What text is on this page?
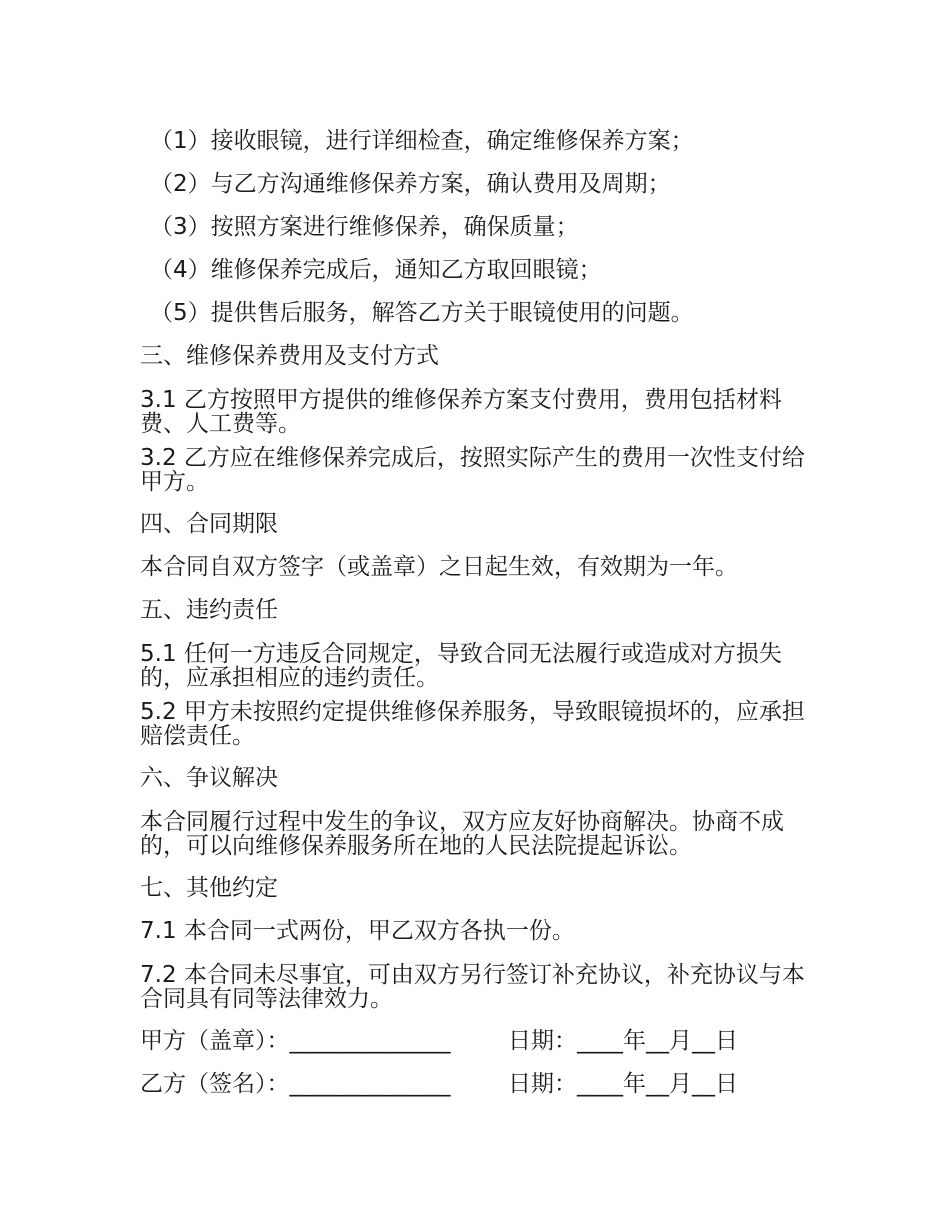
（1）接收眼镜，进行详细检查，确定维修保养方案；
（2）与乙方沟通维修保养方案，确认费用及周期；
（3）按照方案进行维修保养，确保质量；
（4）维修保养完成后，通知乙方取回眼镜；
（5）提供售后服务，解答乙方关于眼镜使用的问题。
三、维修保养费用及支付方式
3.1 乙方按照甲方提供的维修保养方案支付费用，费用包括材料费、人工费等。
3.2 乙方应在维修保养完成后，按照实际产生的费用一次性支付给甲方。
四、合同期限
本合同自双方签字（或盖章）之日起生效，有效期为一年。
五、违约责任
5.1 任何一方违反合同规定，导致合同无法履行或造成对方损失的，应承担相应的违约责任。
5.2 甲方未按照约定提供维修保养服务，导致眼镜损坏的，应承担赔偿责任。
六、争议解决
本合同履行过程中发生的争议，双方应友好协商解决。协商不成的，可以向维修保养服务所在地的人民法院提起诉讼。
七、其他约定
7.1 本合同一式两份，甲乙双方各执一份。
7.2 本合同未尽事宜，可由双方另行签订补充协议，补充协议与本合同具有同等法律效力。
甲方（盖章）：______________	日期：____年__月__日
乙方（签名）：______________	日期：____年__月__日
